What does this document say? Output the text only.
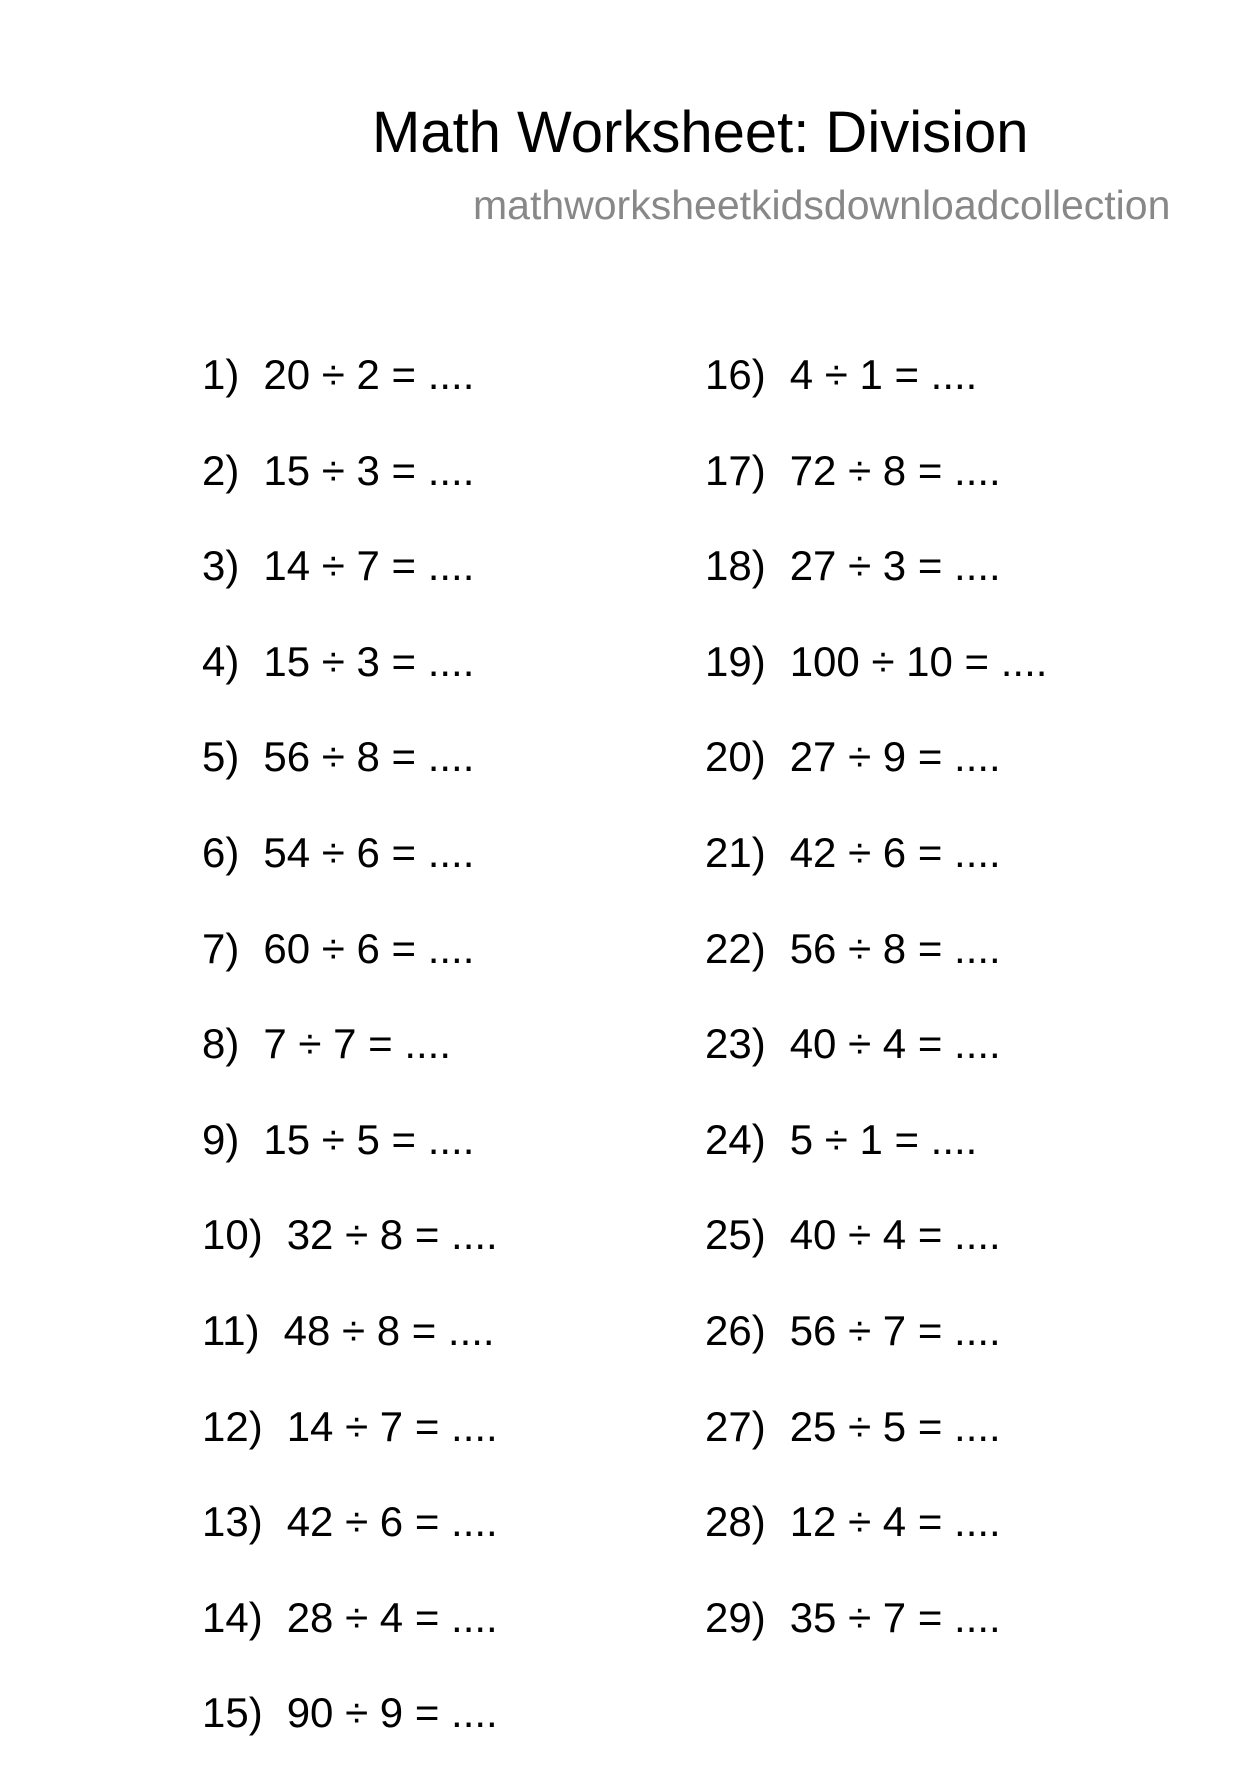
Math Worksheet: Division
mathworksheetkidsdownloadcollection
1) 20 ÷ 2 = ....
2) 15 ÷ 3 = ....
3) 14 ÷ 7 = ....
4) 15 ÷ 3 = ....
5) 56 ÷ 8 = ....
6) 54 ÷ 6 = ....
7) 60 ÷ 6 = ....
8) 7 ÷ 7 = ....
9) 15 ÷ 5 = ....
10) 32 ÷ 8 = ....
11) 48 ÷ 8 = ....
12) 14 ÷ 7 = ....
13) 42 ÷ 6 = ....
14) 28 ÷ 4 = ....
15) 90 ÷ 9 = ....
16) 4 ÷ 1 = ....
17) 72 ÷ 8 = ....
18) 27 ÷ 3 = ....
19) 100 ÷ 10 = ....
20) 27 ÷ 9 = ....
21) 42 ÷ 6 = ....
22) 56 ÷ 8 = ....
23) 40 ÷ 4 = ....
24) 5 ÷ 1 = ....
25) 40 ÷ 4 = ....
26) 56 ÷ 7 = ....
27) 25 ÷ 5 = ....
28) 12 ÷ 4 = ....
29) 35 ÷ 7 = ....
